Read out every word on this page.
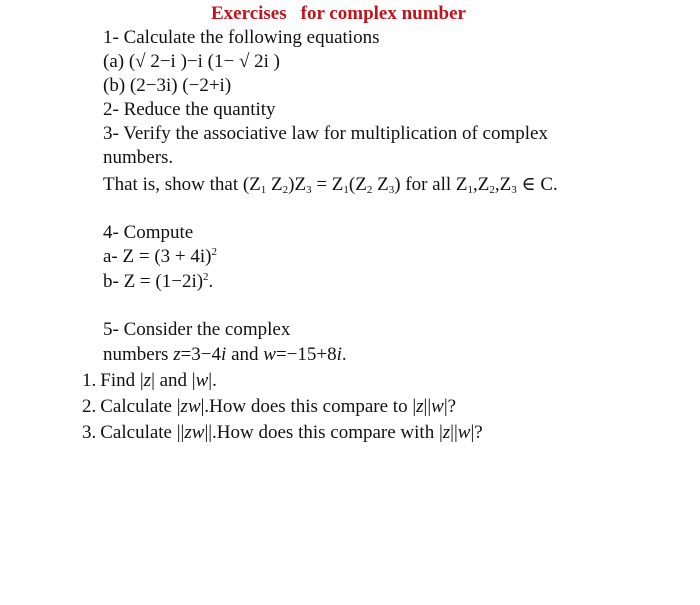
Exercises for complex number
1- Calculate the following equations
(a) (√ 2−i )−i (1− √ 2i )
(b) (2−3i) (−2+i)
2- Reduce the quantity
3- Verify the associative law for multiplication of complex
numbers.
That is, show that ($Z_1$ $Z_2)Z_3 = Z_1(Z_2$ $Z_3$) for all $Z_1,Z_2,Z_3$ ∈ C.
4- Compute
a- $Z = (3 + 4i)^2$
b- $Z = (1-2i)^2$.
5- Consider the complex
numbers z=3−4i and w=−15+8i.
1. Find |z| and |w|.
2. Calculate |zw|.How does this compare to |z||w|?
3. Calculate ||zw||.How does this compare with |z||w|?
